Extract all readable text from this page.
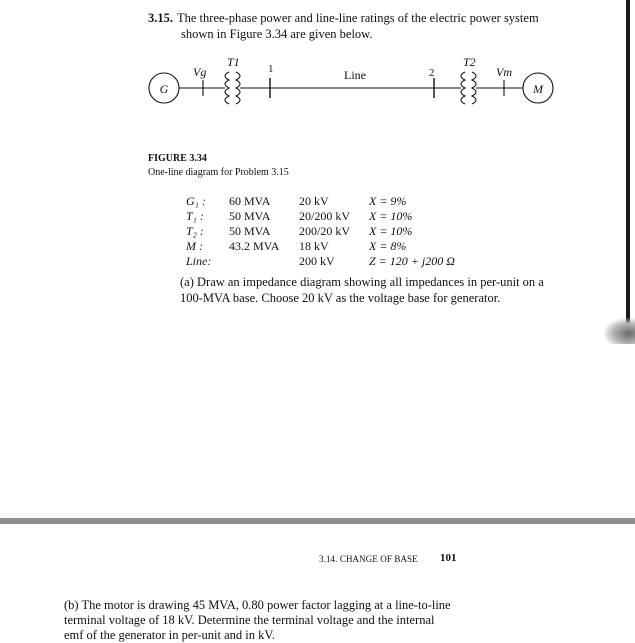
3.15. The three-phase power and line-line ratings of the electric power system
shown in Figure 3.34 are given below.
G
Vg
T1	1	Line	2
T2
Vm
M
FIGURE 3.34
One-line diagram for Problem 3.15
G₁ :	60 MVA	20 kV	X = 9%
T₁ :	50 MVA	20/200 kV	X = 10%
T₂ :	50 MVA	200/20 kV	X = 10%
M :	43.2 MVA	18 kV	X = 8%
Line:		200 kV	Z = 120 + j200 Ω
(a) Draw an impedance diagram showing all impedances in per-unit on a
100-MVA base. Choose 20 kV as the voltage base for generator.
3.14. CHANGE OF BASE 101
(b) The motor is drawing 45 MVA, 0.80 power factor lagging at a line-to-line
terminal voltage of 18 kV. Determine the terminal voltage and the internal
emf of the generator in per-unit and in kV.
